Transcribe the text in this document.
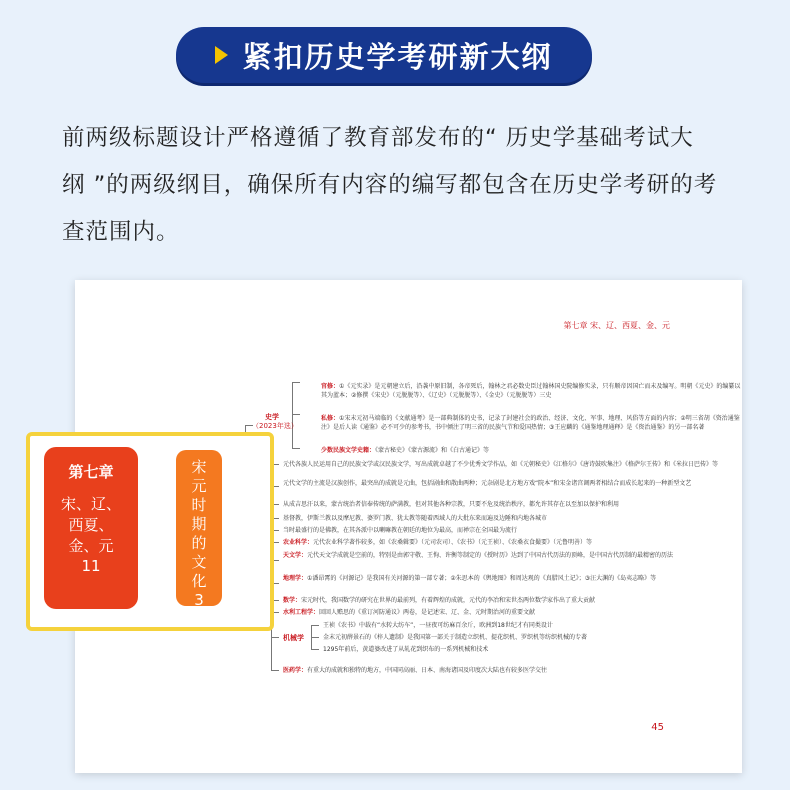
紧扣历史学考研新大纲
前两级标题设计严格遵循了教育部发布的“ 历史学基础考试大
纲 ”的两级纲目，确保所有内容的编写都包含在历史学考研的考
查范围内。
第七章 宋、辽、西夏、金、元
45
史学
（2023年选）
官修：①《元实录》是元朝建立后，沿袭中原旧制，各帝死后，翰林之君必数史臣过翰林国史院编修实录，只有顺帝因国亡而未及编写。明朝《元史》的编纂以其为蓝本；②修撰《宋史》（元脱脱等）、《辽史》（元脱脱等）、《金史》（元脱脱等）三史
私修：①宋末元初马端临的《文献通考》是一部典制体的史书，记录了封建社会的政治、经济、文化、军事、地理、风俗等方面的内容；②明三省胡《资治通鉴注》是后人读《通鉴》必不可少的参考书，书中倾注了明三省的民族气节和爱国热情；③王应麟的《通鉴地理通释》是《资治通鉴》的另一部名著
少数民族文学史籍：《蒙古秘史》《蒙古源流》和《白古通记》等
元代各族人民运用自己的民族文学或汉民族文学，写出成就卓越了不少优秀文学作品，如《元朝秘史》《江格尔》《唐诗鼓吹集注》《格萨尔王传》和《米拉日巴传》等
元代文学的主流是汉族创作，最突出的成就是元曲，包括剧曲和散曲两种；元杂剧是北方地方戏“院本”和宋金诸宫调两者相结合而成长起来的一种新型文艺
从成吉思汗以来，蒙古统治者信奉传统的萨满教，但对其他各种宗教，只要不危及统治秩序，都允许其存在以至加以保护和利用
基督教，伊斯兰教以及摩尼教、婆罗门教、犹太教等随着西域人的大批东来而遍及边陲和内地各城市
当时最盛行的是佛教，在其各派中以喇嘛教在朝廷的地位为最高，而禅宗在全国最为流行
农业科学：元代农业科学著作较多，如《农桑辑要》（元司农司）、《农书》（元王祯）、《农桑衣食撮要》（元鲁明善）等
天文学：元代天文学成就是空前的，特别是由郭守敬、王恂、许衡等制定的《授时历》达到了中国古代历法的顶峰，是中国古代历制的最精密的历法
地理学：①潘昂霄的《河源记》是我国有关河源的第一部专著；②朱思本的《舆地图》和周达观的《真腊风土记》；③汪大渊的《岛夷志略》等
数学：宋元时代，我国数学的研究在世界的最前列，有着辉煌的成就，元代的李冶和宋世杰两位数学家作出了重大贡献
水利工程学：回回人赡思的《重订河防通议》两卷，是记述宋、辽、金、元时期治河的重要文献
机械学
王祯《农书》中载有“水转大纺车”，一昼夜可纺麻百余斤，欧洲到18世纪才有同类设计
金末元初薛景石的《梓人遗制》是我国第一部关于制造立织机、提花织机、罗织机等纺织机械的专著
1295年前后，黄道婆改进了从轧花到织布的一系列机械和技术
医药学：有重大的成就和独特的地方，中国同高丽、日本、南海诸国及印度次大陆也有较多医学交往
第七章
宋、辽、
西夏、
金、元
11
宋
元
时
期
的
文
化
3
